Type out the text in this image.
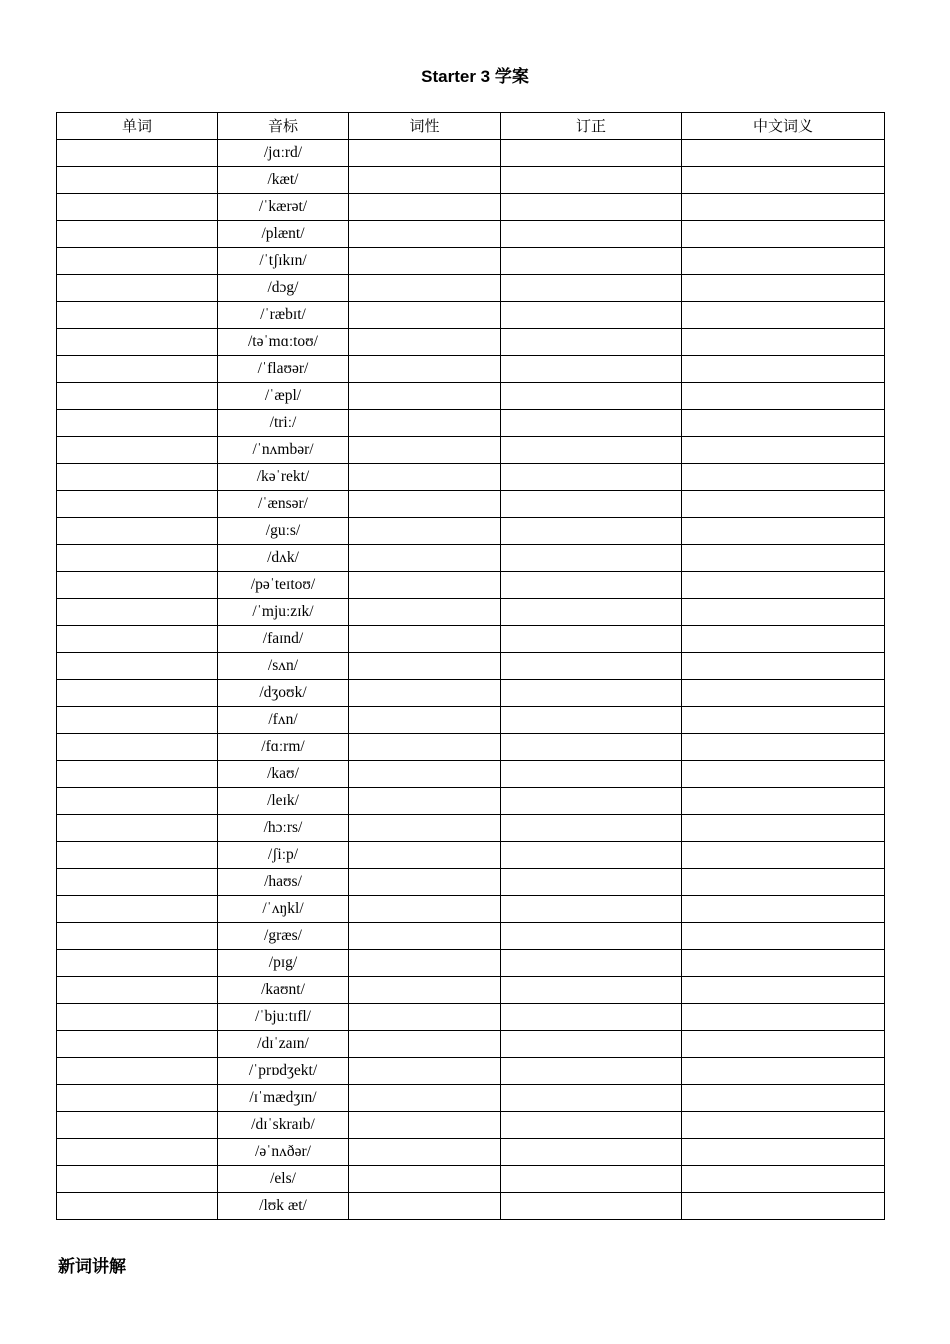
Starter 3 学案
单词	音标	词性	订正	中文词义
	/jɑːrd/			
	/kæt/			
	/ˈkærət/			
	/plænt/			
	/ˈtʃɪkɪn/			
	/dɔg/			
	/ˈræbɪt/			
	/təˈmɑːtoʊ/			
	/ˈflaʊər/			
	/ˈæpl/			
	/triː/			
	/ˈnʌmbər/			
	/kəˈrekt/			
	/ˈænsər/			
	/guːs/			
	/dʌk/			
	/pəˈteɪtoʊ/			
	/ˈmjuːzɪk/			
	/faɪnd/			
	/sʌn/			
	/dʒoʊk/			
	/fʌn/			
	/fɑːrm/			
	/kaʊ/			
	/leɪk/			
	/hɔːrs/			
	/ʃiːp/			
	/haʊs/			
	/ˈʌŋkl/			
	/græs/			
	/pɪg/			
	/kaʊnt/			
	/ˈbjuːtɪfl/			
	/dɪˈzaɪn/			
	/ˈprɒdʒekt/			
	/ɪˈmædʒɪn/			
	/dɪˈskraɪb/			
	/əˈnʌðər/			
	/els/			
	/lʊk æt/			
新词讲解
